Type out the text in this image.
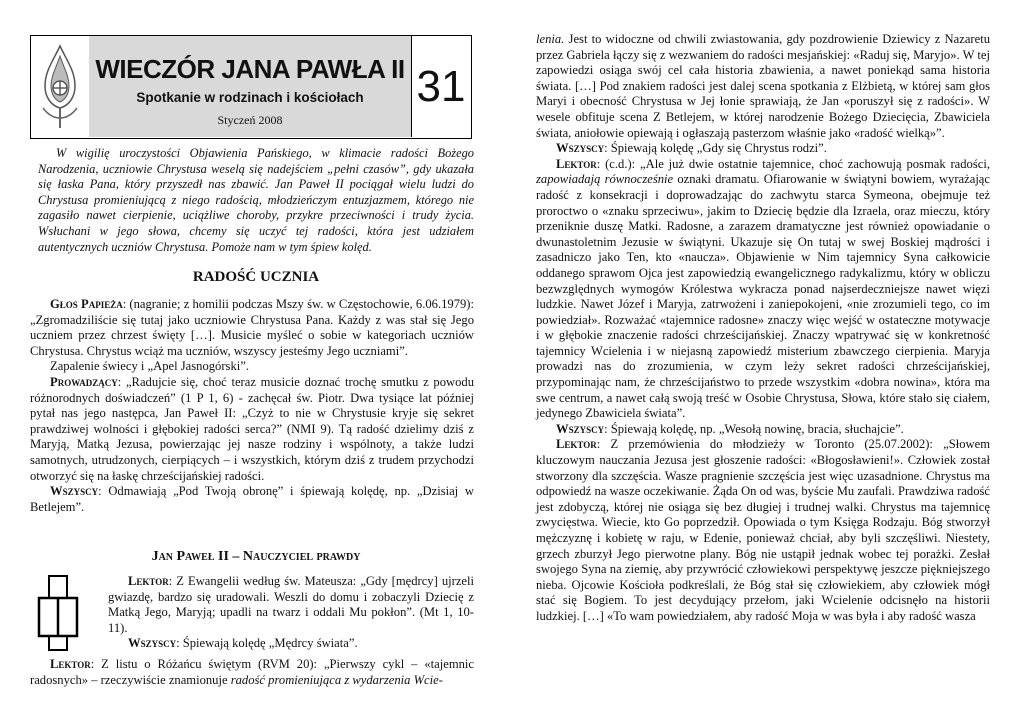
WIECZÓR JANA PAWŁA II
Spotkanie w rodzinach i kościołach
Styczeń 2008
31
W wigilię uroczystości Objawienia Pańskiego, w klimacie radości Bożego Narodzenia, uczniowie Chrystusa weselą się nadejściem „pełni czasów”, gdy ukazała się łaska Pana, który przyszedł nas zbawić. Jan Paweł II pociągał wielu ludzi do Chrystusa promieniującą z niego radością, młodzieńczym entuzjazmem, którego nie zagasiło nawet cierpienie, uciążliwe choroby, przykre przeciwności i trudy życia. Wsłuchani w jego słowa, chcemy się uczyć tej radości, która jest udziałem autentycznych uczniów Chrystusa. Pomoże nam w tym śpiew kolęd.
RADOŚĆ UCZNIA

Głos Papieża: (nagranie; z homilii podczas Mszy św. w Częstochowie, 6.06.1979): „Zgromadziliście się tutaj jako uczniowie Chrystusa Pana. Każdy z was stał się Jego uczniem przez chrzest święty […]. Musicie myśleć o sobie w kategoriach uczniów Chrystusa. Chrystus wciąż ma uczniów, wszyscy jesteśmy Jego uczniami”.

Zapalenie świecy i „Apel Jasnogórski”.

Prowadzący: „Radujcie się, choć teraz musicie doznać trochę smutku z powodu różnorodnych doświadczeń” (1 P 1, 6) - zachęcał św. Piotr. Dwa tysiące lat później pytał nas jego następca, Jan Paweł II: „Czyż to nie w Chrystusie kryje się sekret prawdziwej wolności i głębokiej radości serca?” (NMI 9). Tą radość dzielimy dziś z Maryją, Matką Jezusa, powierzając jej nasze rodziny i wspólnoty, a także ludzi samotnych, utrudzonych, cierpiących – i wszystkich, którym dziś z trudem przychodzi otworzyć się na łaskę chrześcijańskiej radości.

Wszyscy: Odmawiają „Pod Twoją obronę” i śpiewają kolędę, np. „Dzisiaj w Betlejem”.

Jan Paweł II – Nauczyciel prawdy

Lektor: Z Ewangelii według św. Mateusza: „Gdy [mędrcy] ujrzeli gwiazdę, bardzo się uradowali. Weszli do domu i zobaczyli Dziecię z Matką Jego, Maryją; upadli na twarz i oddali Mu pokłon”. (Mt 1, 10-11).

Wszyscy: Śpiewają kolędę „Mędrcy świata”.

Lektor: Z listu o Różańcu świętym (RVM 20): „Pierwszy cykl – «tajemnic radosnych» – rzeczywiście znamionuje radość promieniująca z wydarzenia Wcie-

lenia. Jest to widoczne od chwili zwiastowania, gdy pozdrowienie Dziewicy z Nazaretu przez Gabriela łączy się z wezwaniem do radości mesjańskiej: «Raduj się, Maryjo». W tej zapowiedzi osiąga swój cel cała historia zbawienia, a nawet poniekąd sama historia świata. […] Pod znakiem radości jest dalej scena spotkania z Elżbietą, w której sam głos Maryi i obecność Chrystusa w Jej łonie sprawiają, że Jan «poruszył się z radości». W wesele obfituje scena Z Betlejem, w której narodzenie Bożego Dziecięcia, Zbawiciela świata, aniołowie opiewają i ogłaszają pasterzom właśnie jako «radość wielką»”.

Wszyscy: Śpiewają kolędę „Gdy się Chrystus rodzi”.

Lektor: (c.d.): „Ale już dwie ostatnie tajemnice, choć zachowują posmak radości, zapowiadają równocześnie oznaki dramatu. Ofiarowanie w świątyni bowiem, wyrażając radość z konsekracji i doprowadzając do zachwytu starca Symeona, obejmuje też proroctwo o «znaku sprzeciwu», jakim to Dziecię będzie dla Izraela, oraz mieczu, który przeniknie duszę Matki. Radosne, a zarazem dramatyczne jest również opowiadanie o dwunastoletnim Jezusie w świątyni. Ukazuje się On tutaj w swej Boskiej mądrości i zasadniczo jako Ten, kto «naucza». Objawienie w Nim tajemnicy Syna całkowicie oddanego sprawom Ojca jest zapowiedzią ewangelicznego radykalizmu, który w obliczu bezwzględnych wymogów Królestwa wykracza ponad najserdeczniejsze nawet więzi ludzkie. Nawet Józef i Maryja, zatrwożeni i zaniepokojeni, «nie zrozumieli tego, co im powiedział». Rozważać «tajemnice radosne» znaczy więc wejść w ostateczne motywacje i w głębokie znaczenie radości chrześcijańskiej. Znaczy wpatrywać się w konkretność tajemnicy Wcielenia i w niejasną zapowiedź misterium zbawczego cierpienia. Maryja prowadzi nas do zrozumienia, w czym leży sekret radości chrześcijańskiej, przypominając nam, że chrześcijaństwo to przede wszystkim «dobra nowina», która ma swe centrum, a nawet całą swoją treść w Osobie Chrystusa, Słowa, które stało się ciałem, jedynego Zbawiciela świata”.

Wszyscy: Śpiewają kolędę, np. „Wesołą nowinę, bracia, słuchajcie”.

Lektor: Z przemówienia do młodzieży w Toronto (25.07.2002): „Słowem kluczowym nauczania Jezusa jest głoszenie radości: «Błogosławieni!». Człowiek został stworzony dla szczęścia. Wasze pragnienie szczęścia jest więc uzasadnione. Chrystus ma odpowiedź na wasze oczekiwanie. Żąda On od was, byście Mu zaufali. Prawdziwa radość jest zdobyczą, której nie osiąga się bez długiej i trudnej walki. Chrystus ma tajemnicę zwycięstwa. Wiecie, kto Go poprzedził. Opowiada o tym Księga Rodzaju. Bóg stworzył mężczyznę i kobietę w raju, w Edenie, ponieważ chciał, aby byli szczęśliwi. Niestety, grzech zburzył Jego pierwotne plany. Bóg nie ustąpił jednak wobec tej porażki. Zesłał swojego Syna na ziemię, aby przywrócić człowiekowi perspektywę jeszcze piękniejszego nieba. Ojcowie Kościoła podkreślali, że Bóg stał się człowiekiem, aby człowiek mógł stać się Bogiem. To jest decydujący przełom, jaki Wcielenie odcisnęło na historii ludzkiej. […] «To wam powiedziałem, aby radość Moja w was była i aby radość wasza
